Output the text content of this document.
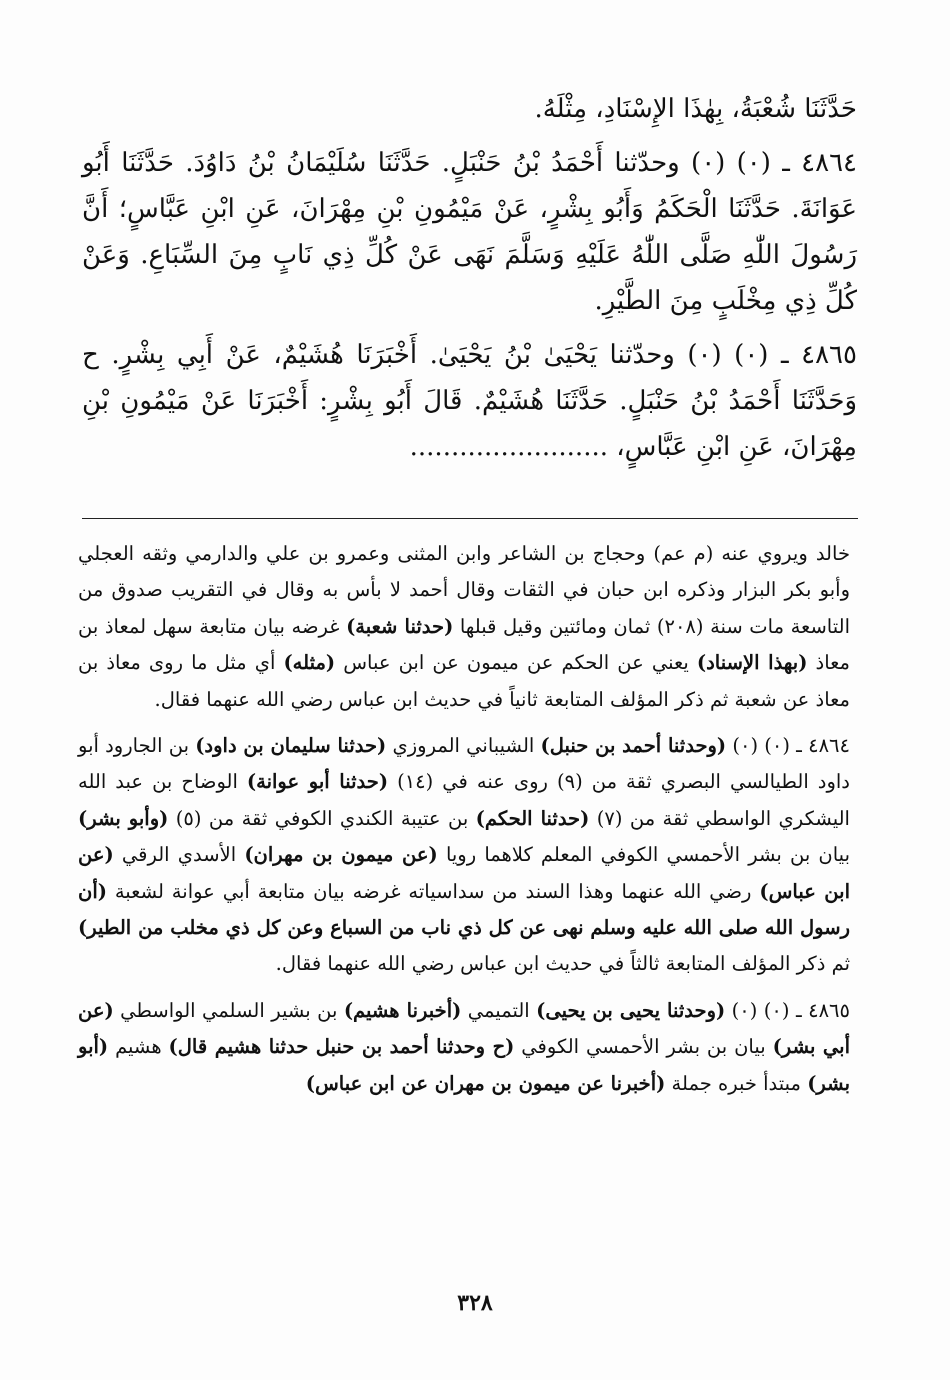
حَدَّثَنَا شُعْبَةُ، بِهٰذَا الإِسْنَادِ، مِثْلَهُ.

٤٨٦٤ ـ (٠) (٠) وحدّثنا أَحْمَدُ بْنُ حَنْبَلٍ. حَدَّثَنَا سُلَيْمَانُ بْنُ دَاوُدَ. حَدَّثَنَا أَبُو عَوَانَةَ. حَدَّثَنَا الْحَكَمُ وَأَبُو بِشْرٍ، عَنْ مَيْمُونِ بْنِ مِهْرَانَ، عَنِ ابْنِ عَبَّاسٍ؛ أَنَّ رَسُولَ اللّٰهِ صَلَّى اللّٰهُ عَلَيْهِ وَسَلَّمَ نَهَى عَنْ كُلِّ ذِي نَابٍ مِنَ السِّبَاعِ. وَعَنْ كُلِّ ذِي مِخْلَبٍ مِنَ الطَّيْرِ.

٤٨٦٥ ـ (٠) (٠) وحدّثنا يَحْيَىٰ بْنُ يَحْيَىٰ. أَخْبَرَنَا هُشَيْمٌ، عَنْ أَبِي بِشْرٍ. ح وَحَدَّثَنَا أَحْمَدُ بْنُ حَنْبَلٍ. حَدَّثَنَا هُشَيْمٌ. قَالَ أَبُو بِشْرٍ: أَخْبَرَنَا عَنْ مَيْمُونِ بْنِ مِهْرَانَ، عَنِ ابْنِ عَبَّاسٍ، ........................

خالد ويروي عنه (م عم) وحجاج بن الشاعر وابن المثنى وعمرو بن علي والدارمي وثقه العجلي وأبو بكر البزار وذكره ابن حبان في الثقات وقال أحمد لا بأس به وقال في التقريب صدوق من التاسعة مات سنة (٢٠٨) ثمان ومائتين وقيل قبلها (حدثنا شعبة) غرضه بيان متابعة سهل لمعاذ بن معاذ (بهذا الإسناد) يعني عن الحكم عن ميمون عن ابن عباس (مثله) أي مثل ما روى معاذ بن معاذ عن شعبة ثم ذكر المؤلف المتابعة ثانياً في حديث ابن عباس رضي الله عنهما فقال.

٤٨٦٤ ـ (٠) (٠) (وحدثنا أحمد بن حنبل) الشيباني المروزي (حدثنا سليمان بن داود) بن الجارود أبو داود الطيالسي البصري ثقة من (٩) روى عنه في (١٤) (حدثنا أبو عوانة) الوضاح بن عبد الله اليشكري الواسطي ثقة من (٧) (حدثنا الحكم) بن عتيبة الكندي الكوفي ثقة من (٥) (وأبو بشر) بيان بن بشر الأحمسي الكوفي المعلم كلاهما رويا (عن ميمون بن مهران) الأسدي الرقي (عن ابن عباس) رضي الله عنهما وهذا السند من سداسياته غرضه بيان متابعة أبي عوانة لشعبة (أن رسول الله صلى الله عليه وسلم نهى عن كل ذي ناب من السباع وعن كل ذي مخلب من الطير) ثم ذكر المؤلف المتابعة ثالثاً في حديث ابن عباس رضي الله عنهما فقال.

٤٨٦٥ ـ (٠) (٠) (وحدثنا يحيى بن يحيى) التميمي (أخبرنا هشيم) بن بشير السلمي الواسطي (عن أبي بشر) بيان بن بشر الأحمسي الكوفي (ح وحدثنا أحمد بن حنبل حدثنا هشيم قال) هشيم (أبو بشر) مبتدأ خبره جملة (أخبرنا عن ميمون بن مهران عن ابن عباس)

٣٢٨
